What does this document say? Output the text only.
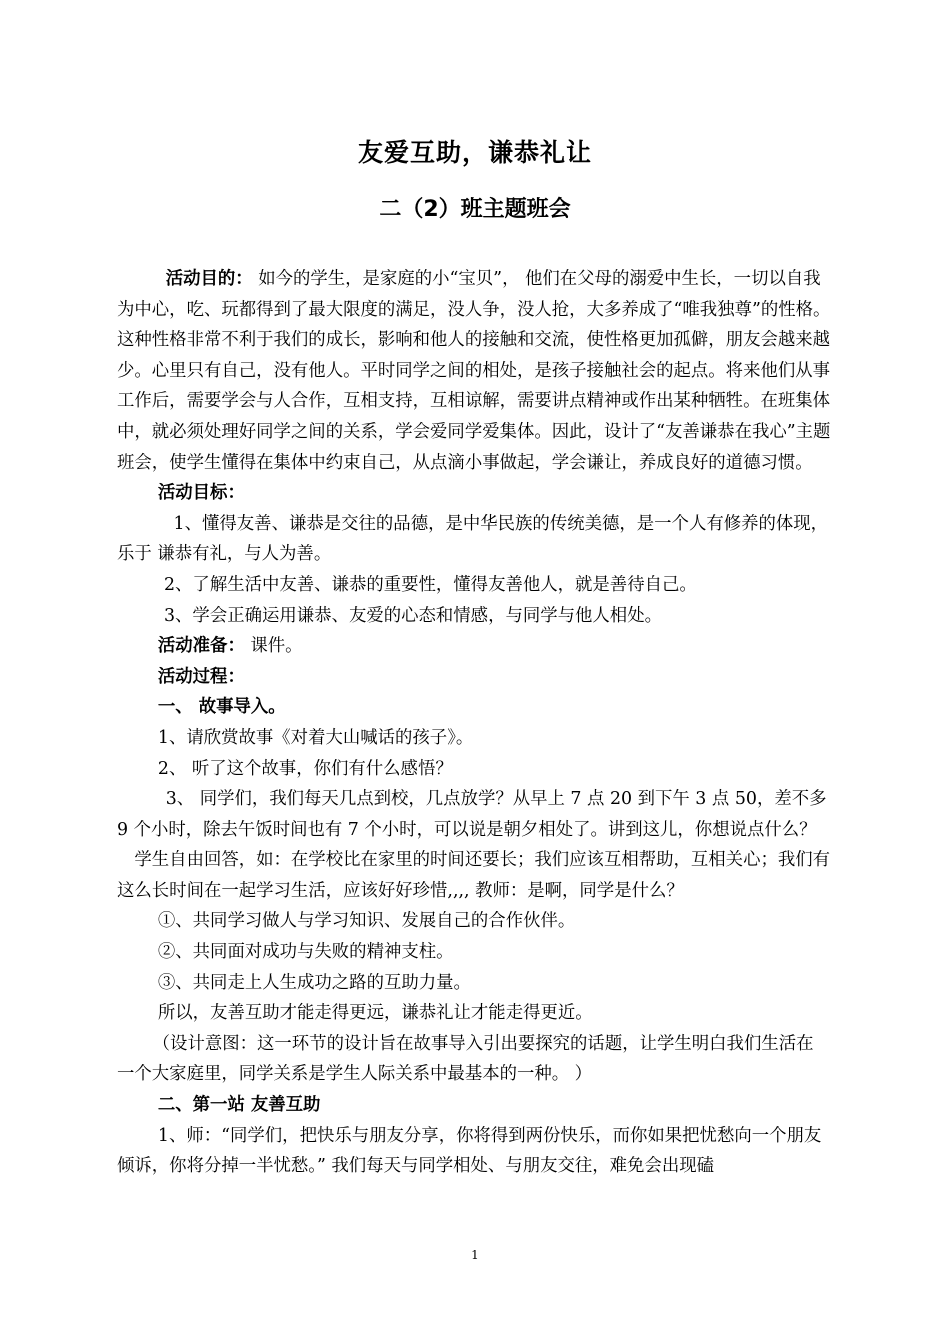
友爱互助，谦恭礼让
二（2）班主题班会

活动目的： 如今的学生，是家庭的小“宝贝”， 他们在父母的溺爱中生长，一切以自我为中心，吃、玩都得到了最大限度的满足，没人争，没人抢，大多养成了“唯我独尊”的性格。这种性格非常不利于我们的成长，影响和他人的接触和交流，使性格更加孤僻，朋友会越来越少。心里只有自己，没有他人。平时同学之间的相处，是孩子接触社会的起点。将来他们从事工作后，需要学会与人合作，互相支持，互相谅解，需要讲点精神或作出某种牺牲。在班集体中，就必须处理好同学之间的关系，学会爱同学爱集体。因此，设计了“友善谦恭在我心”主题班会，使学生懂得在集体中约束自己，从点滴小事做起，学会谦让，养成良好的道德习惯。

活动目标：

1、懂得友善、谦恭是交往的品德，是中华民族的传统美德，是一个人有修养的体现，乐于 谦恭有礼，与人为善。

2、了解生活中友善、谦恭的重要性，懂得友善他人，就是善待自己。

3、学会正确运用谦恭、友爱的心态和情感，与同学与他人相处。

活动准备： 课件。

活动过程：

一、 故事导入。

1、请欣赏故事《对着大山喊话的孩子》。

2、 听了这个故事，你们有什么感悟？

3、 同学们，我们每天几点到校，几点放学？从早上 7 点 20 到下午 3 点 50，差不多 9 个小时，除去午饭时间也有 7 个小时，可以说是朝夕相处了。讲到这儿，你想说点什么？

学生自由回答，如：在学校比在家里的时间还要长；我们应该互相帮助，互相关心；我们有这么长时间在一起学习生活，应该好好珍惜,,,, 教师：是啊，同学是什么？

①、共同学习做人与学习知识、发展自己的合作伙伴。

②、共同面对成功与失败的精神支柱。

③、共同走上人生成功之路的互助力量。

所以，友善互助才能走得更远，谦恭礼让才能走得更近。

（设计意图：这一环节的设计旨在故事导入引出要探究的话题，让学生明白我们生活在 一个大家庭里，同学关系是学生人际关系中最基本的一种。 ）

二、第一站 友善互助

1、师：“同学们，把快乐与朋友分享，你将得到两份快乐，而你如果把忧愁向一个朋友倾诉，你将分掉一半忧愁。” 我们每天与同学相处、与朋友交往，难免会出现磕

1
